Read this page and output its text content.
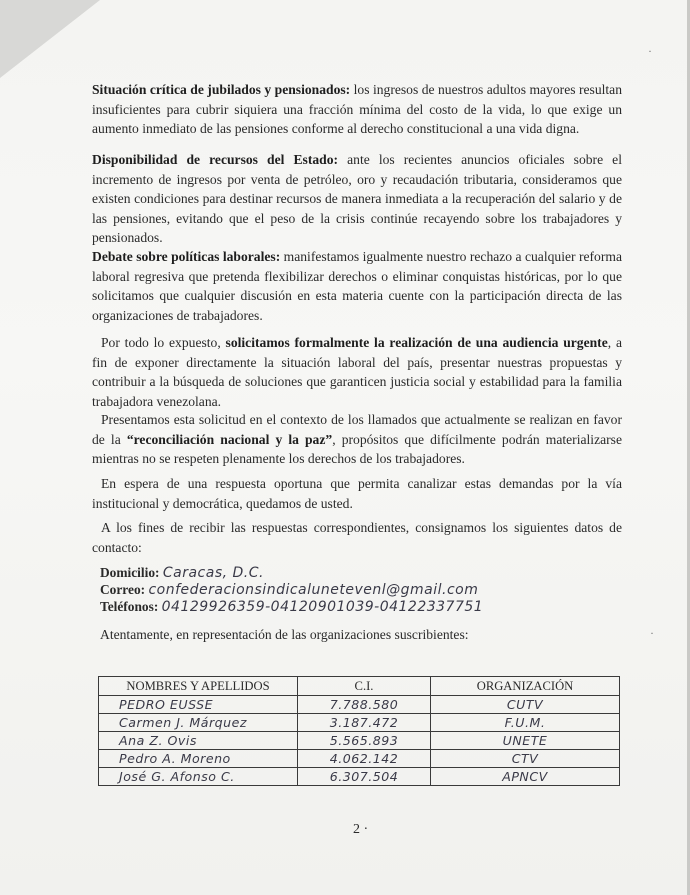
·
·
Situación crítica de jubilados y pensionados: los ingresos de nuestros adultos mayores resultan insuficientes para cubrir siquiera una fracción mínima del costo de la vida, lo que exige un aumento inmediato de las pensiones conforme al derecho constitucional a una vida digna.
Disponibilidad de recursos del Estado: ante los recientes anuncios oficiales sobre el incremento de ingresos por venta de petróleo, oro y recaudación tributaria, consideramos que existen condiciones para destinar recursos de manera inmediata a la recuperación del salario y de las pensiones, evitando que el peso de la crisis continúe recayendo sobre los trabajadores y pensionados.
Debate sobre políticas laborales: manifestamos igualmente nuestro rechazo a cualquier reforma laboral regresiva que pretenda flexibilizar derechos o eliminar conquistas históricas, por lo que solicitamos que cualquier discusión en esta materia cuente con la participación directa de las organizaciones de trabajadores.
Por todo lo expuesto, solicitamos formalmente la realización de una audiencia urgente, a fin de exponer directamente la situación laboral del país, presentar nuestras propuestas y contribuir a la búsqueda de soluciones que garanticen justicia social y estabilidad para la familia trabajadora venezolana.
Presentamos esta solicitud en el contexto de los llamados que actualmente se realizan en favor de la “reconciliación nacional y la paz”, propósitos que difícilmente podrán materializarse mientras no se respeten plenamente los derechos de los trabajadores.
En espera de una respuesta oportuna que permita canalizar estas demandas por la vía institucional y democrática, quedamos de usted.
A los fines de recibir las respuestas correspondientes, consignamos los siguientes datos de contacto:
Domicilio: Caracas, D.C.
Correo: confederacionsindicalunetevenl@gmail.com
Teléfonos: 04129926359-04120901039-04122337751
Atentamente, en representación de las organizaciones suscribientes:
NOMBRES Y APELLIDOS	C.I.	ORGANIZACIÓN
PEDRO EUSSE	7.788.580	CUTV
Carmen J. Márquez	3.187.472	F.U.M.
Ana Z. Ovis	5.565.893	UNETE
Pedro A. Moreno	4.062.142	CTV
José G. Afonso C.	6.307.504	APNCV
2 ·
